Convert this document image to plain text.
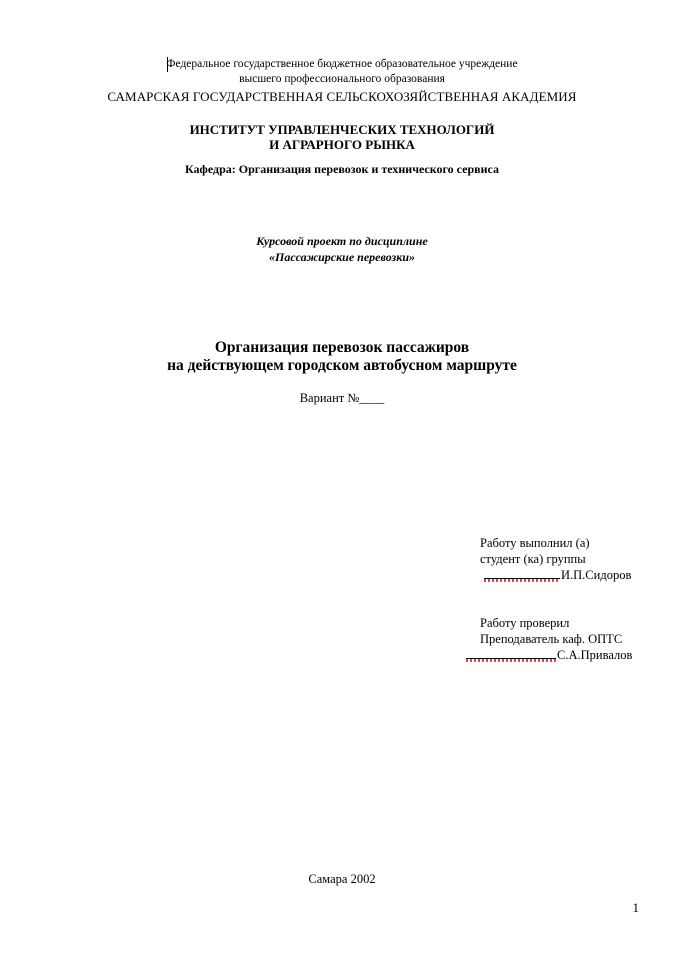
Федеральное государственное бюджетное образовательное учреждение
высшего профессионального образования
САМАРСКАЯ ГОСУДАРСТВЕННАЯ СЕЛЬСКОХОЗЯЙСТВЕННАЯ АКАДЕМИЯ
ИНСТИТУТ УПРАВЛЕНЧЕСКИХ ТЕХНОЛОГИЙ
И АГРАРНОГО РЫНКА
Кафедра: Организация перевозок и технического сервиса
Курсовой проект по дисциплине
«Пассажирские перевозки»
Организация перевозок пассажиров
на действующем городском автобусном маршруте
Вариант №____
Работу выполнил (а)
студент (ка) группы
И.П.Сидоров
Работу проверил
Преподаватель каф. ОПТС
С.А.Привалов
Самара 2002
1
